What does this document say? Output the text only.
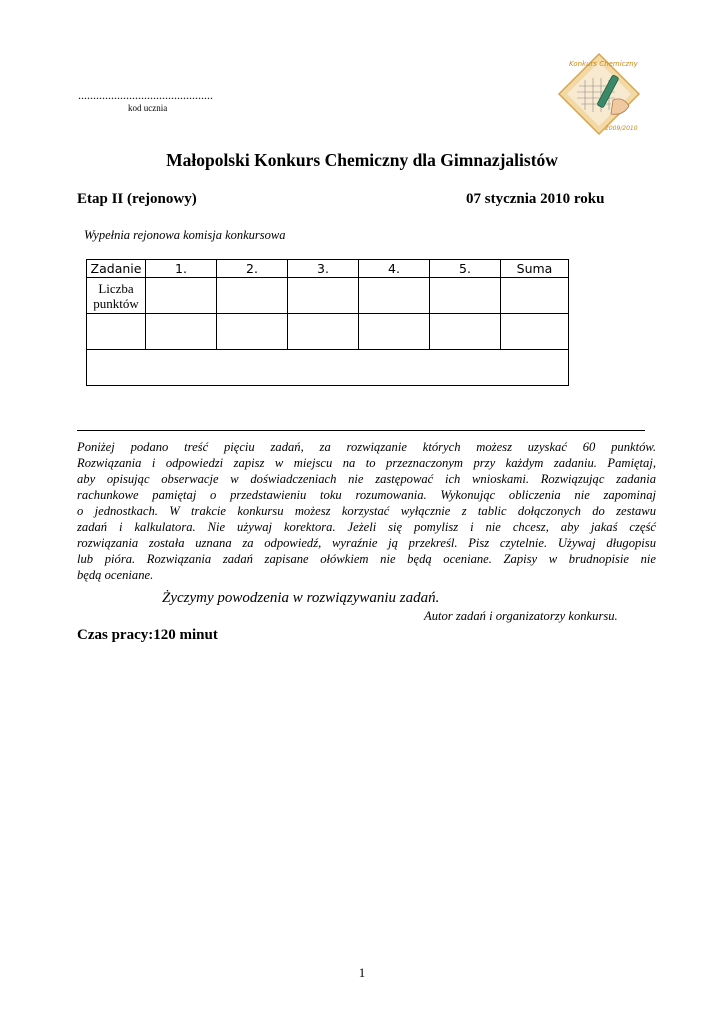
.............................................
kod ucznia
Konkurs Chemiczny
2009/2010
Małopolski Konkurs Chemiczny dla Gimnazjalistów
Etap II (rejonowy)	07 stycznia 2010 roku
Wypełnia rejonowa komisja konkursowa
Zadanie	1.	2.	3.	4.	5.	Suma
Liczba
punktów						

Poniżej podano treść pięciu zadań, za rozwiązanie których możesz uzyskać 60 punktów.
Rozwiązania i odpowiedzi zapisz w miejscu na to przeznaczonym przy każdym zadaniu. Pamiętaj,
aby opisując obserwacje w doświadczeniach nie zastępować ich wnioskami. Rozwiązując zadania
rachunkowe pamiętaj o przedstawieniu toku rozumowania. Wykonując obliczenia nie zapominaj
o jednostkach. W trakcie konkursu możesz korzystać wyłącznie z tablic dołączonych do zestawu
zadań i kalkulatora. Nie używaj korektora. Jeżeli się pomylisz i nie chcesz, aby jakaś część
rozwiązania została uznana za odpowiedź, wyraźnie ją przekreśl. Pisz czytelnie. Używaj długopisu
lub pióra. Rozwiązania zadań zapisane ołówkiem nie będą oceniane. Zapisy w brudnopisie nie
będą oceniane.
Życzymy powodzenia w rozwiązywaniu zadań.
Autor zadań i organizatorzy konkursu.
Czas pracy:120 minut
1
